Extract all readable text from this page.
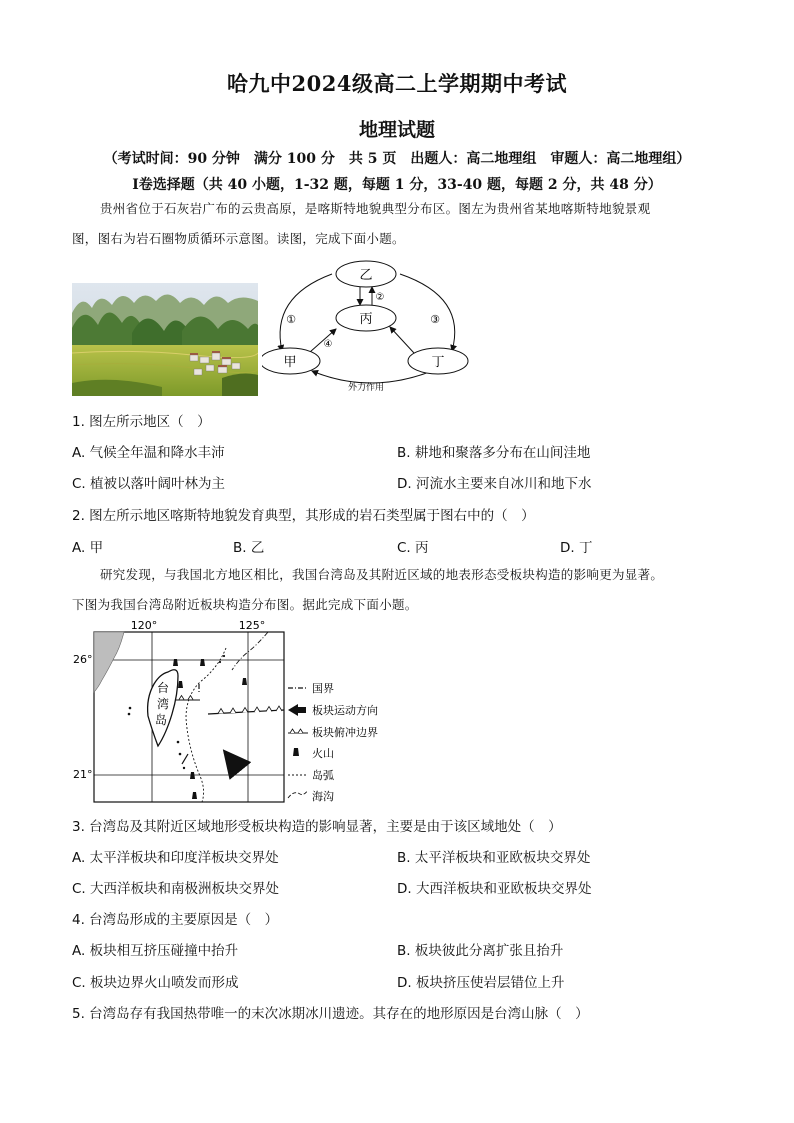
哈九中2024级高二上学期期中考试
地理试题
（考试时间：90 分钟　满分 100 分　共 5 页　出题人：高二地理组　审题人：高二地理组）
Ⅰ卷选择题（共 40 小题，1-32 题，每题 1 分，33-40 题，每题 2 分，共 48 分）
贵州省位于石灰岩广布的云贵高原，是喀斯特地貌典型分布区。图左为贵州省某地喀斯特地貌景观
图，图右为岩石圈物质循环示意图。读图，完成下面小题。
乙
丙
甲	丁
①
②
③
④
外力作用
1. 图左所示地区（　）
A. 气候全年温和降水丰沛	B. 耕地和聚落多分布在山间洼地
C. 植被以落叶阔叶林为主	D. 河流水主要来自冰川和地下水
2. 图左所示地区喀斯特地貌发育典型，其形成的岩石类型属于图右中的（　）
A. 甲	B. 乙	C. 丙	D. 丁
研究发现，与我国北方地区相比，我国台湾岛及其附近区域的地表形态受板块构造的影响更为显著。
下图为我国台湾岛附近板块构造分布图。据此完成下面小题。
120°	125°
26°
21°
台
湾
岛
国界
板块运动方向
板块俯冲边界
火山
岛弧
海沟
3. 台湾岛及其附近区域地形受板块构造的影响显著，主要是由于该区域地处（　）
A. 太平洋板块和印度洋板块交界处	B. 太平洋板块和亚欧板块交界处
C. 大西洋板块和南极洲板块交界处	D. 大西洋板块和亚欧板块交界处
4. 台湾岛形成的主要原因是（　）
A. 板块相互挤压碰撞中抬升	B. 板块彼此分离扩张且抬升
C. 板块边界火山喷发而形成	D. 板块挤压使岩层错位上升
5. 台湾岛存有我国热带唯一的末次冰期冰川遗迹。其存在的地形原因是台湾山脉（　）
